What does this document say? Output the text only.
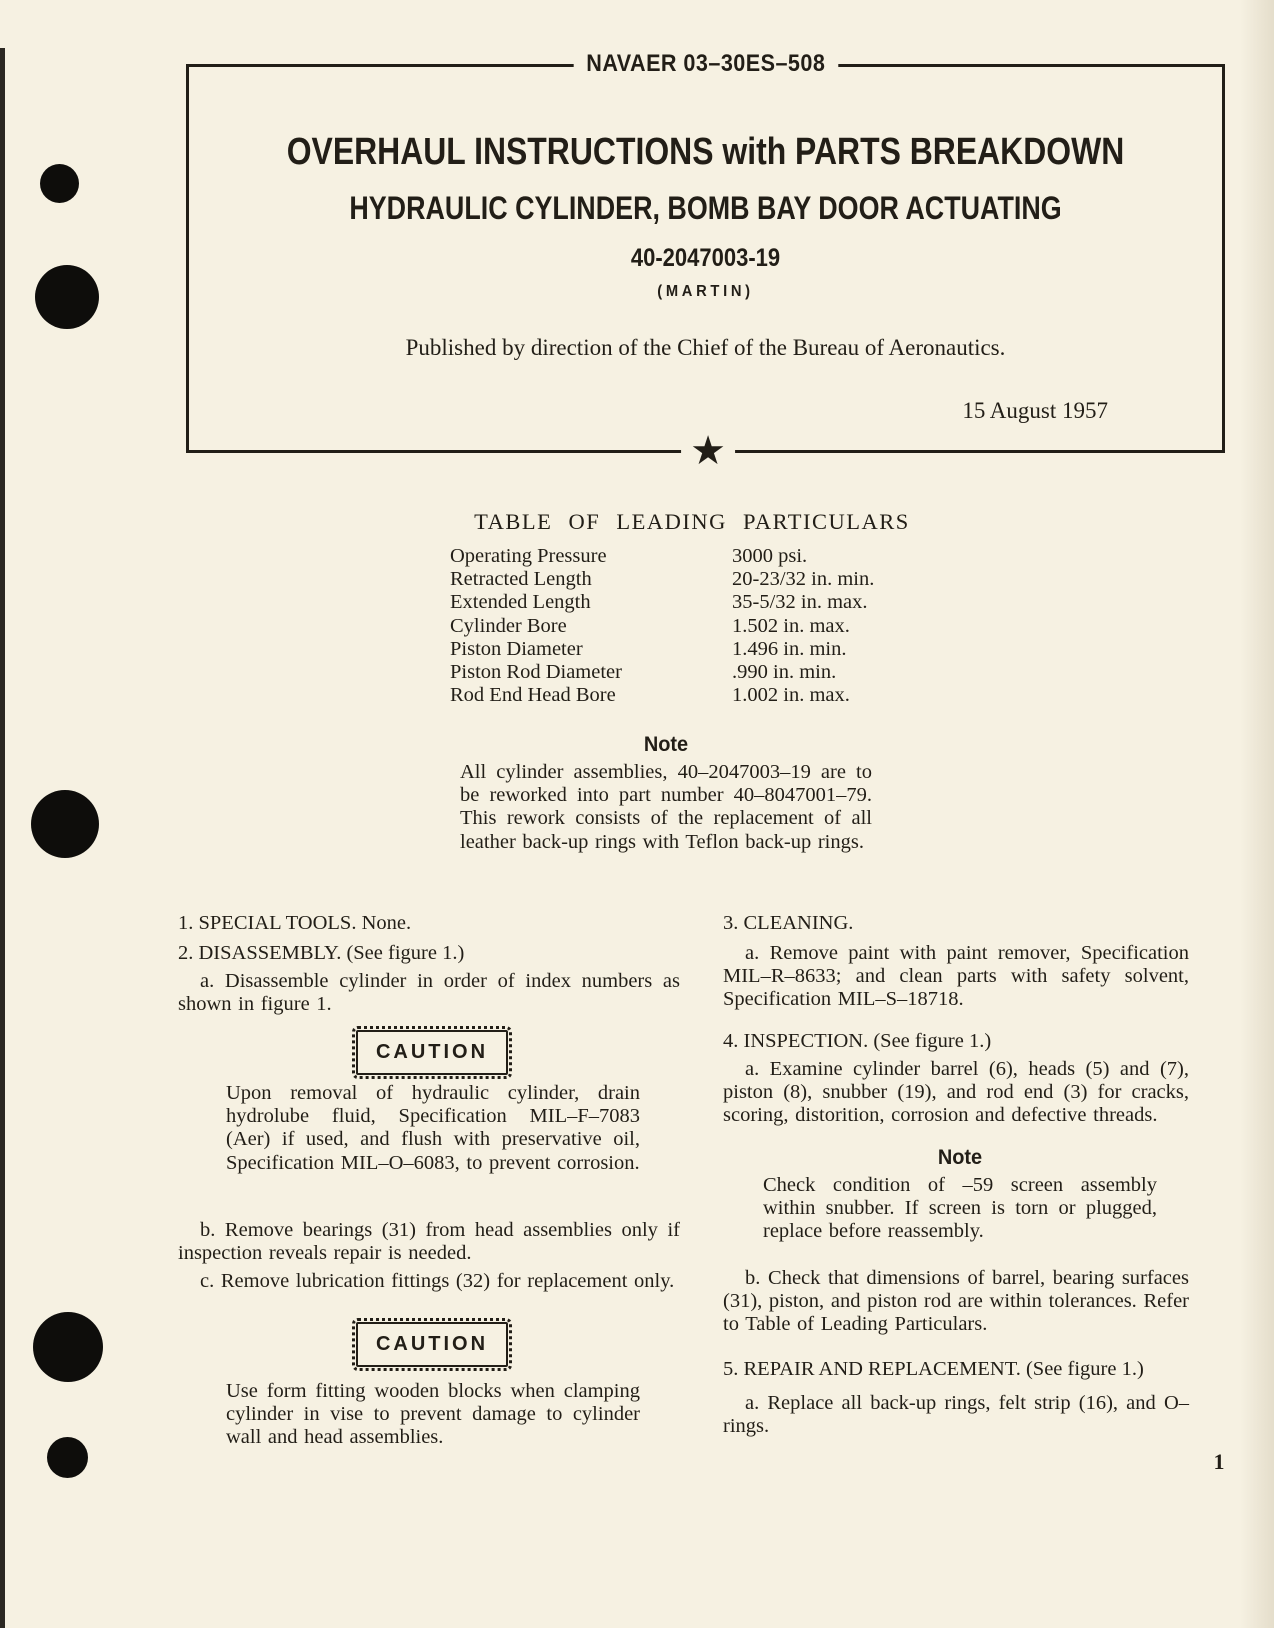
NAVAER 03–30ES–508
OVERHAUL INSTRUCTIONS with PARTS BREAKDOWN
HYDRAULIC CYLINDER, BOMB BAY DOOR ACTUATING
40-2047003-19
(MARTIN)
Published by direction of the Chief of the Bureau of Aeronautics.
15 August 1957
★
TABLE OF LEADING PARTICULARS
Operating Pressure	3000 psi.
Retracted Length	20-23/32 in. min.
Extended Length	35-5/32 in. max.
Cylinder Bore	1.502 in. max.
Piston Diameter	1.496 in. min.
Piston Rod Diameter	.990 in. min.
Rod End Head Bore	1.002 in. max.
Note
All cylinder assemblies, 40–2047003–19 are to be reworked into part number 40–8047001–79. This rework consists of the replacement of all leather back-up rings with Teflon back-up rings.
1. SPECIAL TOOLS. None.
2. DISASSEMBLY. (See figure 1.)
a. Disassemble cylinder in order of index numbers as shown in figure 1.
CAUTION
Upon removal of hydraulic cylinder, drain hydrolube fluid, Specification MIL–F–7083 (Aer) if used, and flush with preservative oil, Specification MIL–O–6083, to prevent corrosion.
b. Remove bearings (31) from head assemblies only if inspection reveals repair is needed.
c. Remove lubrication fittings (32) for replacement only.
CAUTION
Use form fitting wooden blocks when clamping cylinder in vise to prevent damage to cylinder wall and head assemblies.
3. CLEANING.
a. Remove paint with paint remover, Specification MIL–R–8633; and clean parts with safety solvent, Specification MIL–S–18718.
4. INSPECTION. (See figure 1.)
a. Examine cylinder barrel (6), heads (5) and (7), piston (8), snubber (19), and rod end (3) for cracks, scoring, distorition, corrosion and defective threads.
Note
Check condition of –59 screen assembly within snubber. If screen is torn or plugged, replace before reassembly.
b. Check that dimensions of barrel, bearing surfaces (31), piston, and piston rod are within tolerances. Refer to Table of Leading Particulars.
5. REPAIR AND REPLACEMENT. (See figure 1.)
a. Replace all back-up rings, felt strip (16), and O–rings.
1
